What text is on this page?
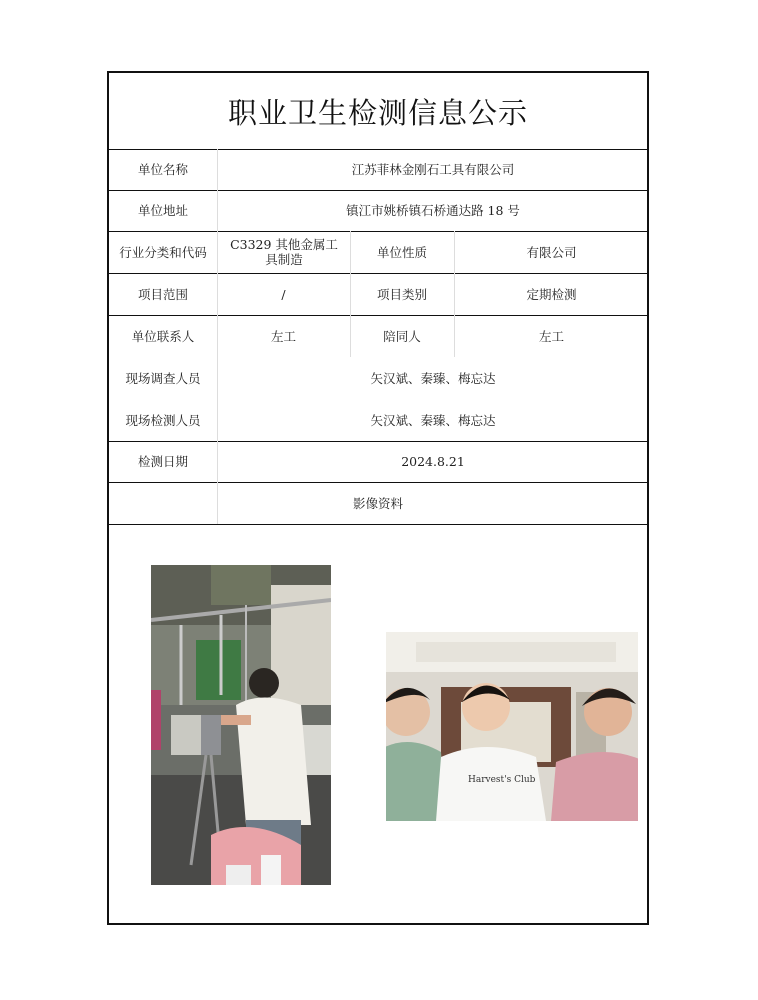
职业卫生检测信息公示
单位名称	江苏菲林金刚石工具有限公司
单位地址	镇江市姚桥镇石桥通达路 18 号
行业分类和代码	C3329 其他金属工具制造	单位性质	有限公司
项目范围	/	项目类别	定期检测
单位联系人	左工	陪同人	左工
现场调查人员	矢汉斌、秦臻、梅忘达
现场检测人员	矢汉斌、秦臻、梅忘达
检测日期	2024.8.21
影像资料
Harvest's Club
